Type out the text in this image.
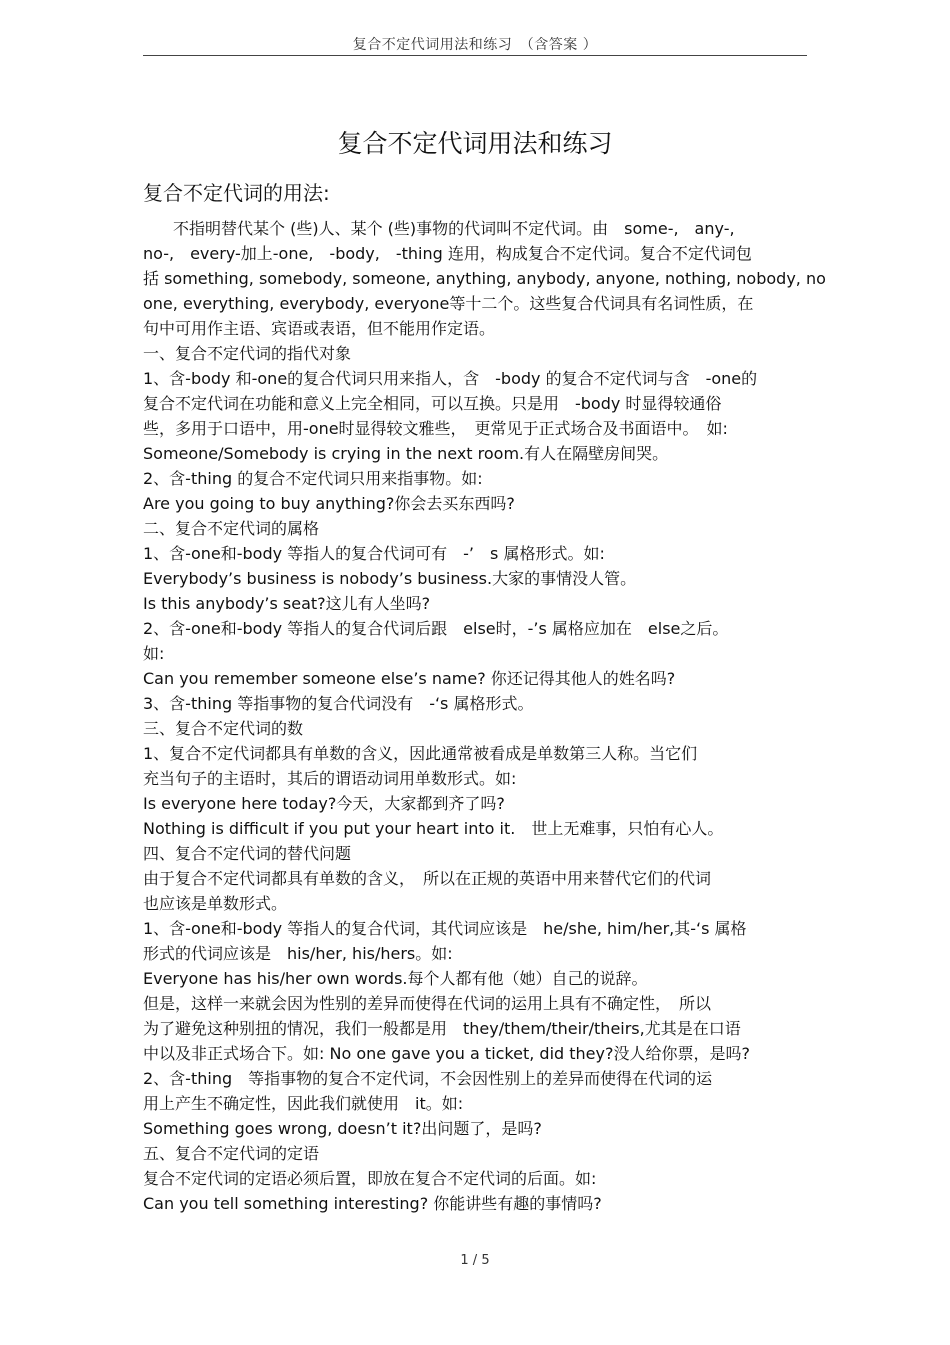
复合不定代词用法和练习　（含答案 ）
复合不定代词用法和练习
复合不定代词的用法:
不指明替代某个 (些)人、某个 (些)事物的代词叫不定代词。由　some-,　any-,
no-,　every-加上-one,　-body,　-thing 连用，构成复合不定代词。复合不定代词包
括 something, somebody, someone, anything, anybody, anyone, nothing, nobody, no
one, everything, everybody, everyone等十二个。这些复合代词具有名词性质，在
句中可用作主语、宾语或表语，但不能用作定语。
一、复合不定代词的指代对象
1、含-body 和-one的复合代词只用来指人，含　-body 的复合不定代词与含　-one的
复合不定代词在功能和意义上完全相同，可以互换。只是用　-body 时显得较通俗
些，多用于口语中，用-one时显得较文雅些，　更常见于正式场合及书面语中。　如:
Someone/Somebody is crying in the next room.有人在隔壁房间哭。
2、含-thing 的复合不定代词只用来指事物。如:
Are you going to buy anything?你会去买东西吗?
二、复合不定代词的属格
1、含-one和-body 等指人的复合代词可有　-’　s 属格形式。如:
Everybody’s business is nobody’s business.大家的事情没人管。
Is this anybody’s seat?这儿有人坐吗?
2、含-one和-body 等指人的复合代词后跟　else时，-’s 属格应加在　else之后。
如:
Can you remember someone else’s name? 你还记得其他人的姓名吗?
3、含-thing 等指事物的复合代词没有　-‘s 属格形式。
三、复合不定代词的数
1、复合不定代词都具有单数的含义，因此通常被看成是单数第三人称。当它们
充当句子的主语时，其后的谓语动词用单数形式。如:
Is everyone here today?今天，大家都到齐了吗?
Nothing is difficult if you put your heart into it.　世上无难事，只怕有心人。
四、复合不定代词的替代问题
由于复合不定代词都具有单数的含义，　所以在正规的英语中用来替代它们的代词
也应该是单数形式。
1、含-one和-body 等指人的复合代词，其代词应该是　he/she, him/her,其-‘s 属格
形式的代词应该是　his/her, his/hers。如:
Everyone has his/her own words.每个人都有他（她）自己的说辞。
但是，这样一来就会因为性别的差异而使得在代词的运用上具有不确定性，　所以
为了避免这种别扭的情况，我们一般都是用　they/them/their/theirs,尤其是在口语
中以及非正式场合下。如: No one gave you a ticket, did they?没人给你票，是吗?
2、含-thing　等指事物的复合不定代词，不会因性别上的差异而使得在代词的运
用上产生不确定性，因此我们就使用　it。如:
Something goes wrong, doesn’t it?出问题了，是吗?
五、复合不定代词的定语
复合不定代词的定语必须后置，即放在复合不定代词的后面。如:
Can you tell something interesting? 你能讲些有趣的事情吗?
1 / 5
